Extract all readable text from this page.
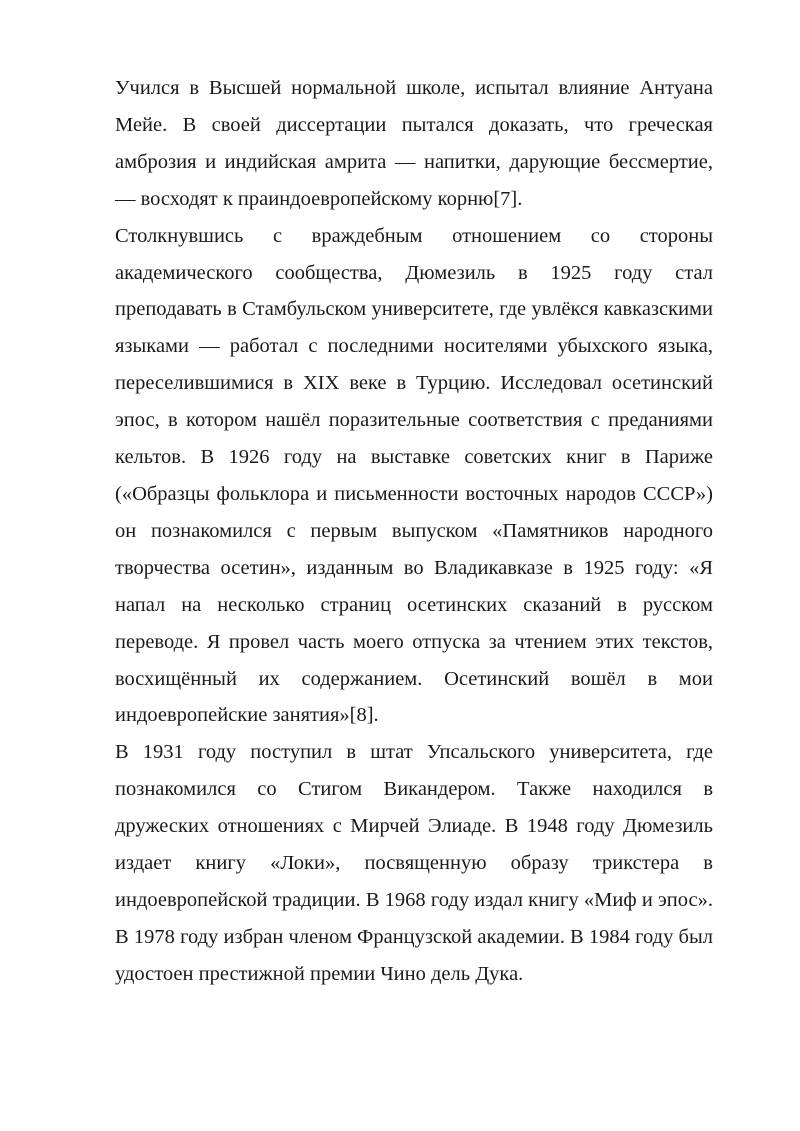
Учился в Высшей нормальной школе, испытал влияние Антуана Мейе. В своей диссертации пытался доказать, что греческая амброзия и индийская амрита — напитки, дарующие бессмертие, — восходят к праиндоевропейскому корню[7].

Столкнувшись с враждебным отношением со стороны академического сообщества, Дюмезиль в 1925 году стал преподавать в Стамбульском университете, где увлёкся кавказскими языками — работал с последними носителями убыхского языка, переселившимися в XIX веке в Турцию. Исследовал осетинский эпос, в котором нашёл поразительные соответствия с преданиями кельтов. В 1926 году на выставке советских книг в Париже («Образцы фольклора и письменности восточных народов СССР») он познакомился с первым выпуском «Памятников народного творчества осетин», изданным во Владикавказе в 1925 году: «Я напал на несколько страниц осетинских сказаний в русском переводе. Я провел часть моего отпуска за чтением этих текстов, восхищённый их содержанием. Осетинский вошёл в мои индоевропейские занятия»[8].

В 1931 году поступил в штат Упсальского университета, где познакомился со Стигом Викандером. Также находился в дружеских отношениях с Мирчей Элиаде. В 1948 году Дюмезиль издает книгу «Локи», посвященную образу трикстера в индоевропейской традиции. В 1968 году издал книгу «Миф и эпос». В 1978 году избран членом Французской академии. В 1984 году был удостоен престижной премии Чино дель Дука.
